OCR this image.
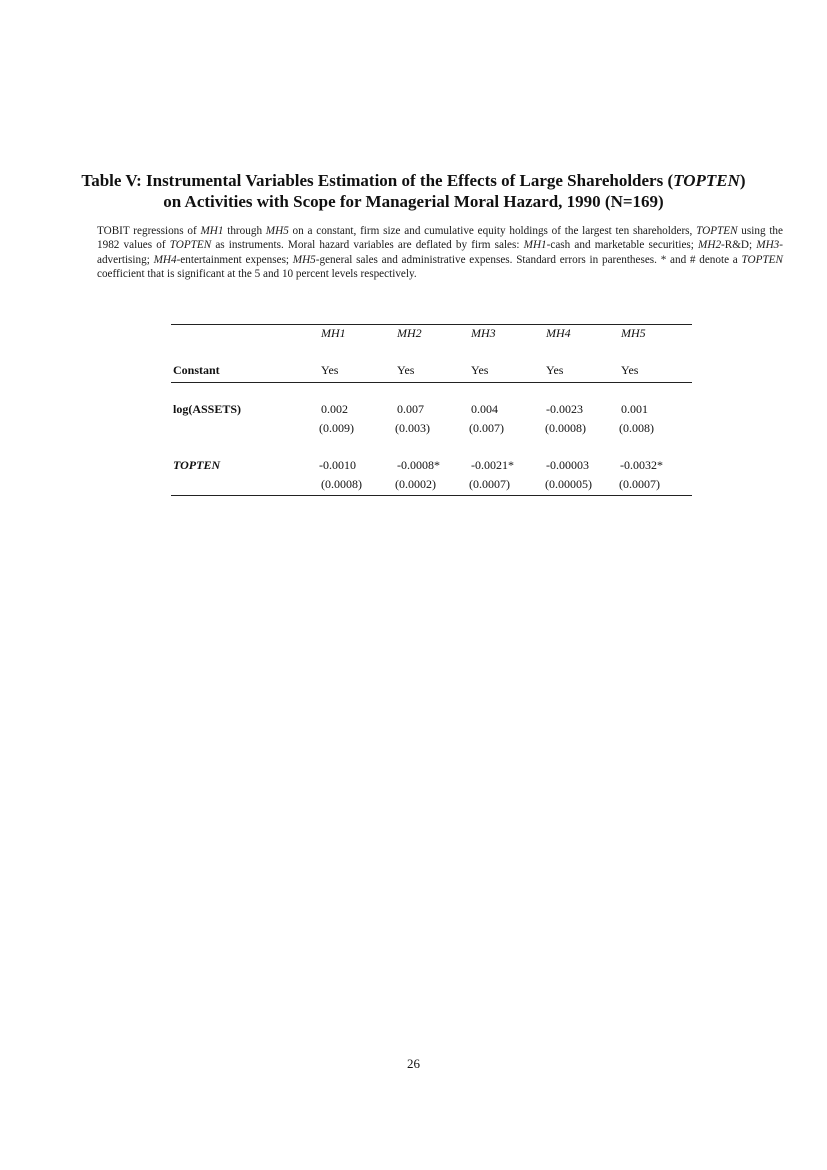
Table V: Instrumental Variables Estimation of the Effects of Large Shareholders (TOPTEN)
on Activities with Scope for Managerial Moral Hazard, 1990 (N=169)
TOBIT regressions of MH1 through MH5 on a constant, firm size and cumulative equity holdings of the largest ten shareholders, TOPTEN using the 1982 values of TOPTEN as instruments. Moral hazard variables are deflated by firm sales: MH1-cash and marketable securities; MH2-R&D; MH3-advertising; MH4-entertainment expenses; MH5-general sales and administrative expenses. Standard errors in parentheses. * and # denote a TOPTEN coefficient that is significant at the 5 and 10 percent levels respectively.
MH1	MH2	MH3	MH4	MH5
Constant	Yes	Yes	Yes	Yes	Yes
log(ASSETS)	0.002	0.007	0.004	-0.0023	0.001
(0.009)	(0.003)	(0.007)	(0.0008)	(0.008)
TOPTEN	-0.0010	-0.0008*	-0.0021*	-0.00003	-0.0032*
(0.0008)	(0.0002)	(0.0007)	(0.00005) (0.0007)
26
